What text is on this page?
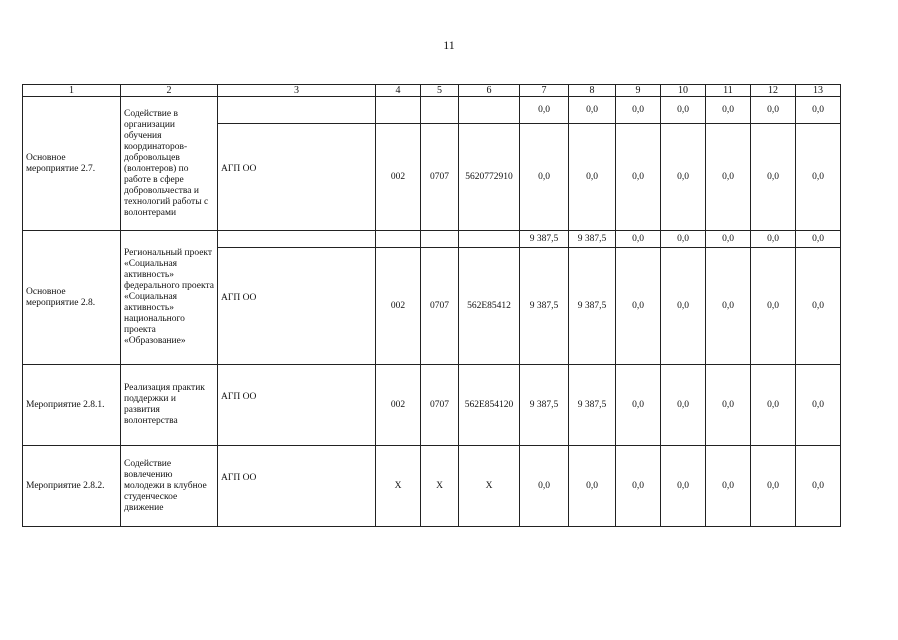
11
1	2	3	4	5	6	7	8	9	10	11	12	13
Основное мероприятие 2.7.	Содействие в организации обучения координаторов-добровольцев (волонтеров) по работе в сфере добровольчества и технологий работы с волонтерами					0,0	0,0	0,0	0,0	0,0	0,0	0,0

		АГП ОО	002	0707	5620772910	0,0	0,0	0,0	0,0	0,0	0,0	0,0
Основное мероприятие 2.8.	Региональный проект «Социальная активность» федерального проекта «Социальная активность» национального проекта «Образование»					9 387,5	9 387,5	0,0	0,0	0,0	0,0	0,0

		АГП ОО	002	0707	562E85412	9 387,5	9 387,5	0,0	0,0	0,0	0,0	0,0
Мероприятие 2.8.1.	Реализация практик поддержки и развития волонтерства	АГП ОО	002	0707	562E854120	9 387,5	9 387,5	0,0	0,0	0,0	0,0	0,0
Мероприятие 2.8.2.	Содействие вовлечению молодежи в клубное студенческое движение	АГП ОО	Х	Х	Х	0,0	0,0	0,0	0,0	0,0	0,0	0,0
